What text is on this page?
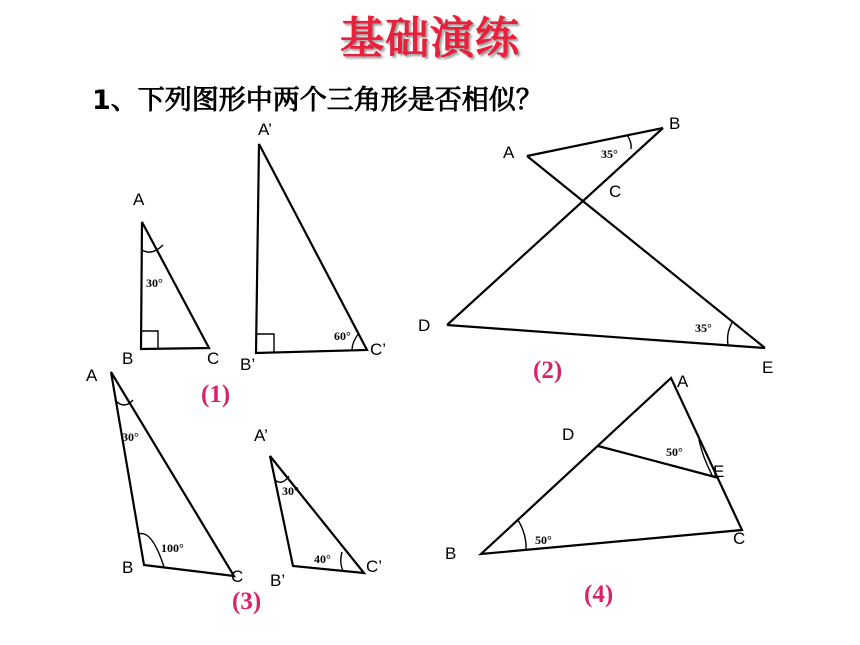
基础演练
1、下列图形中两个三角形是否相似？
30°
A
B	C
60°
A’
B’
C’
(1)
35°
35°
A
B
C
D
E
(2)
30°
100°
A
B	C
(3)
30°
40°
A’
B’
C’
50°
50°
A
B
C
D
E
(4)
